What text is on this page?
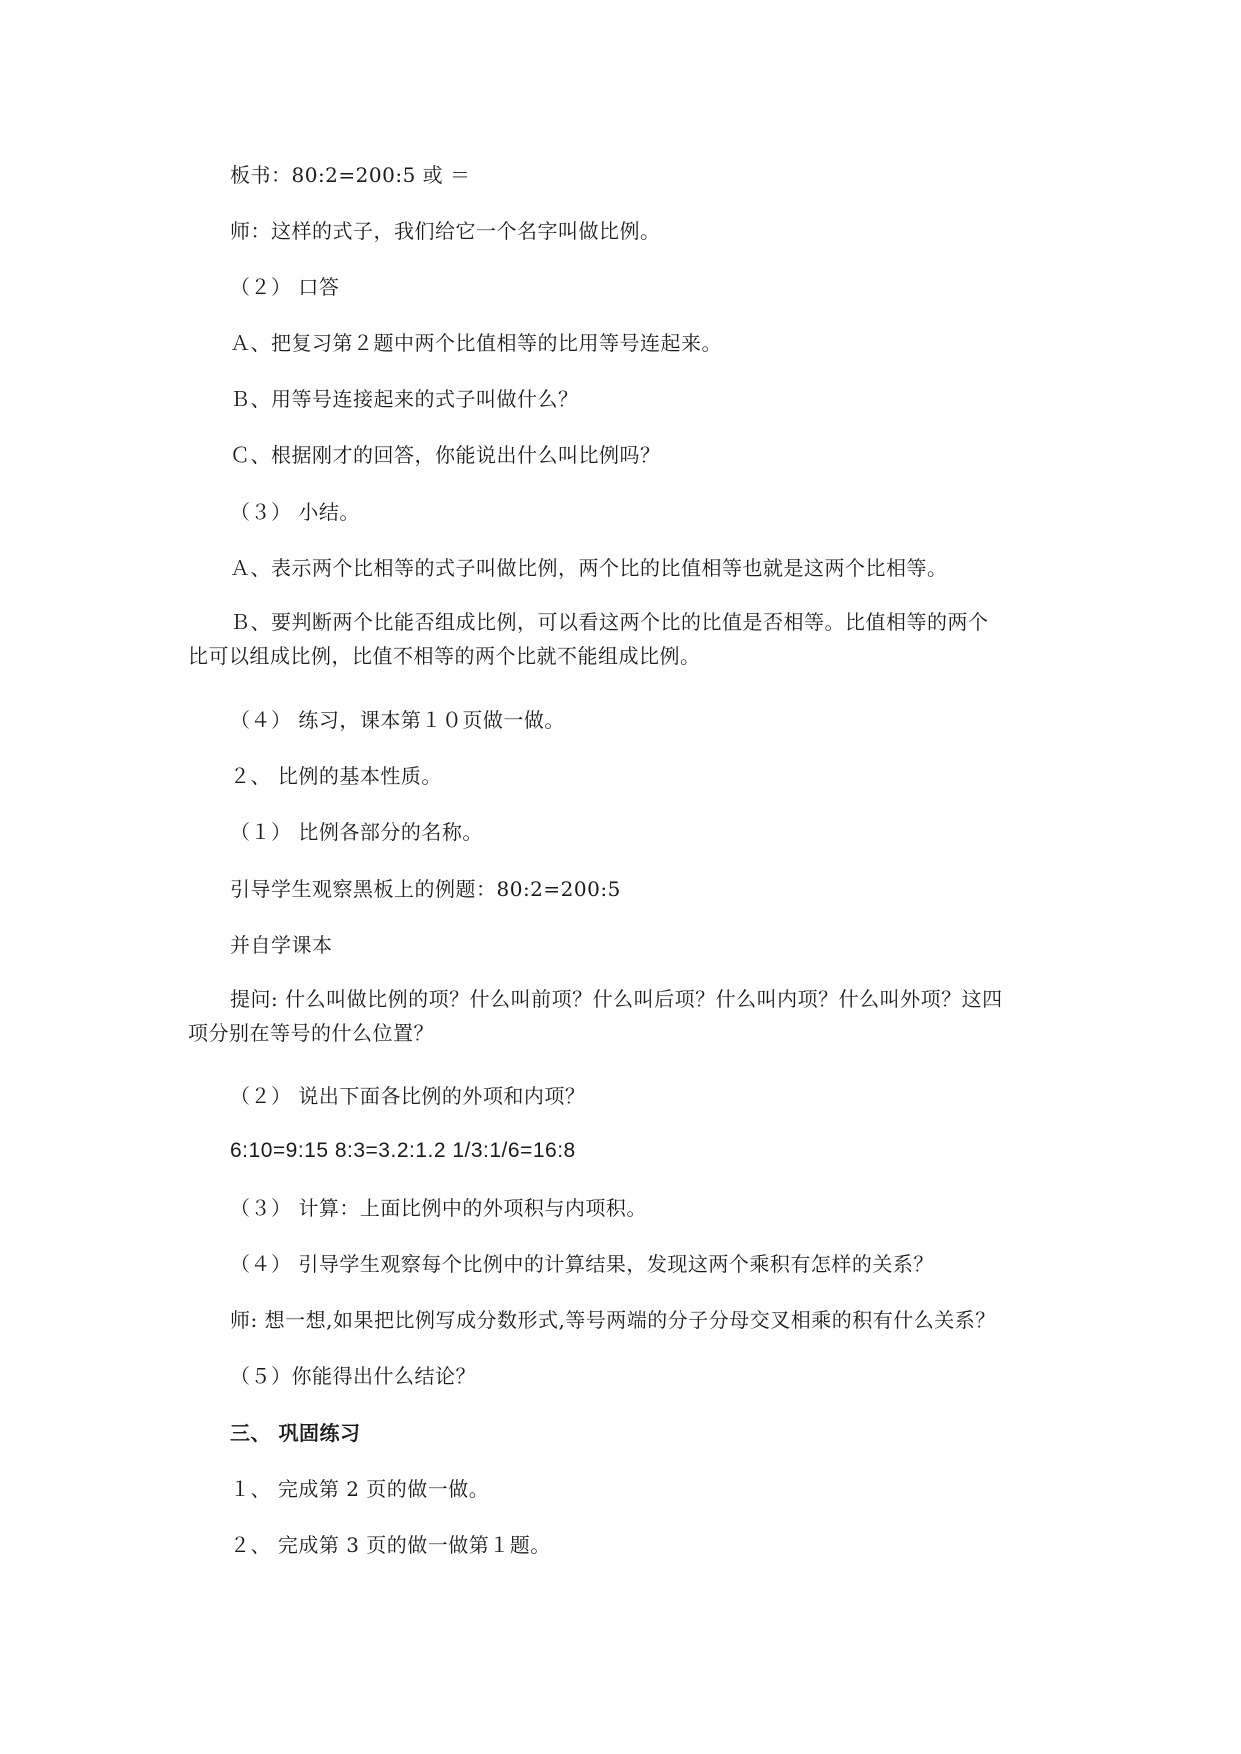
板书：80:2=200:5 或 ＝
师：这样的式子，我们给它一个名字叫做比例。
（２） 口答
Ａ、把复习第２题中两个比值相等的比用等号连起来。
Ｂ、用等号连接起来的式子叫做什么？
Ｃ、根据刚才的回答，你能说出什么叫比例吗？
（３） 小结。
Ａ、表示两个比相等的式子叫做比例，两个比的比值相等也就是这两个比相等。
Ｂ、要判断两个比能否组成比例，可以看这两个比的比值是否相等。比值相等的两个比可以组成比例，比值不相等的两个比就不能组成比例。
（４） 练习，课本第１０页做一做。
２、 比例的基本性质。
（１） 比例各部分的名称。
引导学生观察黑板上的例题：80:2=200:5
并自学课本
提问: 什么叫做比例的项？什么叫前项？什么叫后项？什么叫内项？什么叫外项？这四项分别在等号的什么位置？
（２） 说出下面各比例的外项和内项？
6:10=9:15 8:3=3.2:1.2 1/3:1/6=16:8
（３） 计算：上面比例中的外项积与内项积。
（４） 引导学生观察每个比例中的计算结果，发现这两个乘积有怎样的关系？
师: 想一想,如果把比例写成分数形式,等号两端的分子分母交叉相乘的积有什么关系？
（５）你能得出什么结论？
三、 巩固练习
１、 完成第 2 页的做一做。
２、 完成第 3 页的做一做第１题。
